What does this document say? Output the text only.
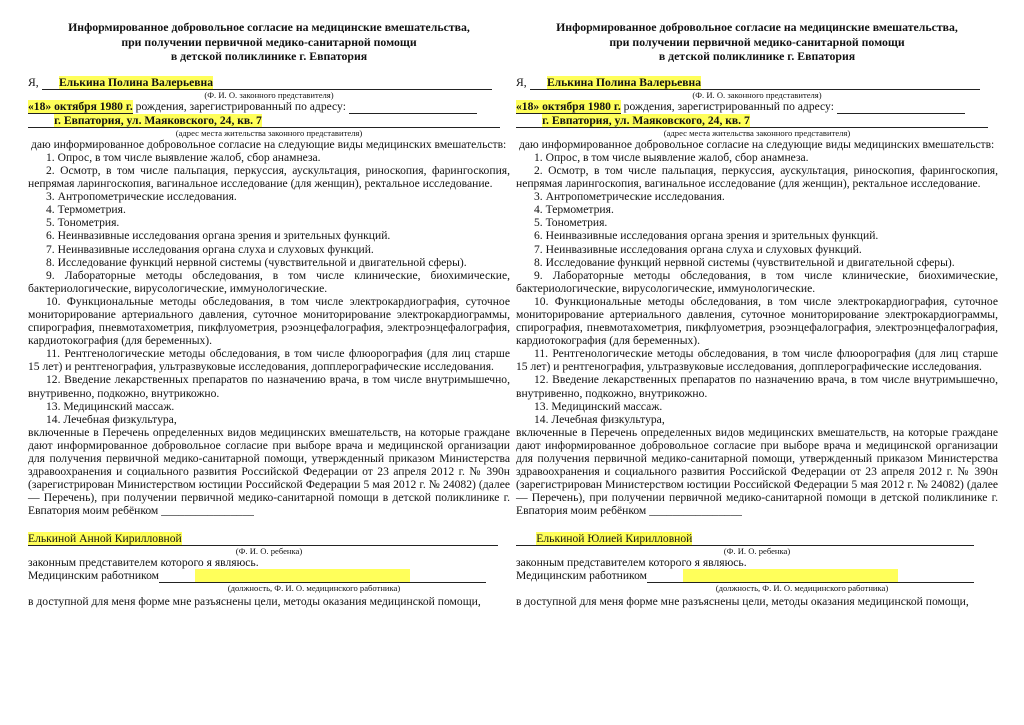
Информированное добровольное согласие на медицинские вмешательства,
при получении первичной медико-санитарной помощи
в детской поликлинике г. Евпатория
Я, Елькина Полина Валерьевна
(Ф. И. О. законного представителя)
«18» октября 1980 г. рождения, зарегистрированный по адресу:
г. Евпатория, ул. Маяковского, 24, кв. 7
(адрес места жительства законного представителя)
даю информированное добровольное согласие на следующие виды медицинских вмешательств:
1. Опрос, в том числе выявление жалоб, сбор анамнеза.
2. Осмотр, в том числе пальпация, перкуссия, аускультация, риноскопия, фарингоскопия, непрямая ларингоскопия, вагинальное исследование (для женщин), ректальное исследование.
3. Антропометрические исследования.
4. Термометрия.
5. Тонометрия.
6. Неинвазивные исследования органа зрения и зрительных функций.
7. Неинвазивные исследования органа слуха и слуховых функций.
8. Исследование функций нервной системы (чувствительной и двигательной сферы).
9. Лабораторные методы обследования, в том числе клинические, биохимические, бактериологические, вирусологические, иммунологические.
10. Функциональные методы обследования, в том числе электрокардиография, суточное мониторирование артериального давления, суточное мониторирование электрокардиограммы, спирография, пневмотахометрия, пикфлуометрия, рэоэнцефалография, электроэнцефалография, кардиотокография (для беременных).
11. Рентгенологические методы обследования, в том числе флюорография (для лиц старше 15 лет) и рентгенография, ультразвуковые исследования, допплерографические исследования.
12. Введение лекарственных препаратов по назначению врача, в том числе внутримышечно, внутривенно, подкожно, внутрикожно.
13. Медицинский массаж.
14. Лечебная физкультура,
включенные в Перечень определенных видов медицинских вмешательств, на которые граждане дают информированное добровольное согласие при выборе врача и медицинской организации для получения первичной медико-санитарной помощи, утвержденный приказом Министерства здравоохранения и социального развития Российской Федерации от 23 апреля 2012 г. № 390н (зарегистрирован Министерством юстиции Российской Федерации 5 мая 2012 г. № 24082) (далее — Перечень), при получении первичной медико-санитарной помощи в детской поликлинике г. Евпатория моим ребёнком ________________
Елькиной Анной Кирилловной
(Ф. И. О. ребенка)
законным представителем которого я являюсь.
Медицинским работником
(должность, Ф. И. О. медицинского работника)
в доступной для меня форме мне разъяснены цели, методы оказания медицинской помощи,
Информированное добровольное согласие на медицинские вмешательства,
при получении первичной медико-санитарной помощи
в детской поликлинике г. Евпатория
Я, Елькина Полина Валерьевна
(Ф. И. О. законного представителя)
«18» октября 1980 г. рождения, зарегистрированный по адресу:
г. Евпатория, ул. Маяковского, 24, кв. 7
(адрес места жительства законного представителя)
даю информированное добровольное согласие на следующие виды медицинских вмешательств:
1. Опрос, в том числе выявление жалоб, сбор анамнеза.
2. Осмотр, в том числе пальпация, перкуссия, аускультация, риноскопия, фарингоскопия, непрямая ларингоскопия, вагинальное исследование (для женщин), ректальное исследование.
3. Антропометрические исследования.
4. Термометрия.
5. Тонометрия.
6. Неинвазивные исследования органа зрения и зрительных функций.
7. Неинвазивные исследования органа слуха и слуховых функций.
8. Исследование функций нервной системы (чувствительной и двигательной сферы).
9. Лабораторные методы обследования, в том числе клинические, биохимические, бактериологические, вирусологические, иммунологические.
10. Функциональные методы обследования, в том числе электрокардиография, суточное мониторирование артериального давления, суточное мониторирование электрокардиограммы, спирография, пневмотахометрия, пикфлуометрия, рэоэнцефалография, электроэнцефалография, кардиотокография (для беременных).
11. Рентгенологические методы обследования, в том числе флюорография (для лиц старше 15 лет) и рентгенография, ультразвуковые исследования, допплерографические исследования.
12. Введение лекарственных препаратов по назначению врача, в том числе внутримышечно, внутривенно, подкожно, внутрикожно.
13. Медицинский массаж.
14. Лечебная физкультура,
включенные в Перечень определенных видов медицинских вмешательств, на которые граждане дают информированное добровольное согласие при выборе врача и медицинской организации для получения первичной медико-санитарной помощи, утвержденный приказом Министерства здравоохранения и социального развития Российской Федерации от 23 апреля 2012 г. № 390н (зарегистрирован Министерством юстиции Российской Федерации 5 мая 2012 г. № 24082) (далее — Перечень), при получении первичной медико-санитарной помощи в детской поликлинике г. Евпатория моим ребёнком ________________
Елькиной Юлией Кирилловной
(Ф. И. О. ребенка)
законным представителем которого я являюсь.
Медицинским работником
(должность, Ф. И. О. медицинского работника)
в доступной для меня форме мне разъяснены цели, методы оказания медицинской помощи,
